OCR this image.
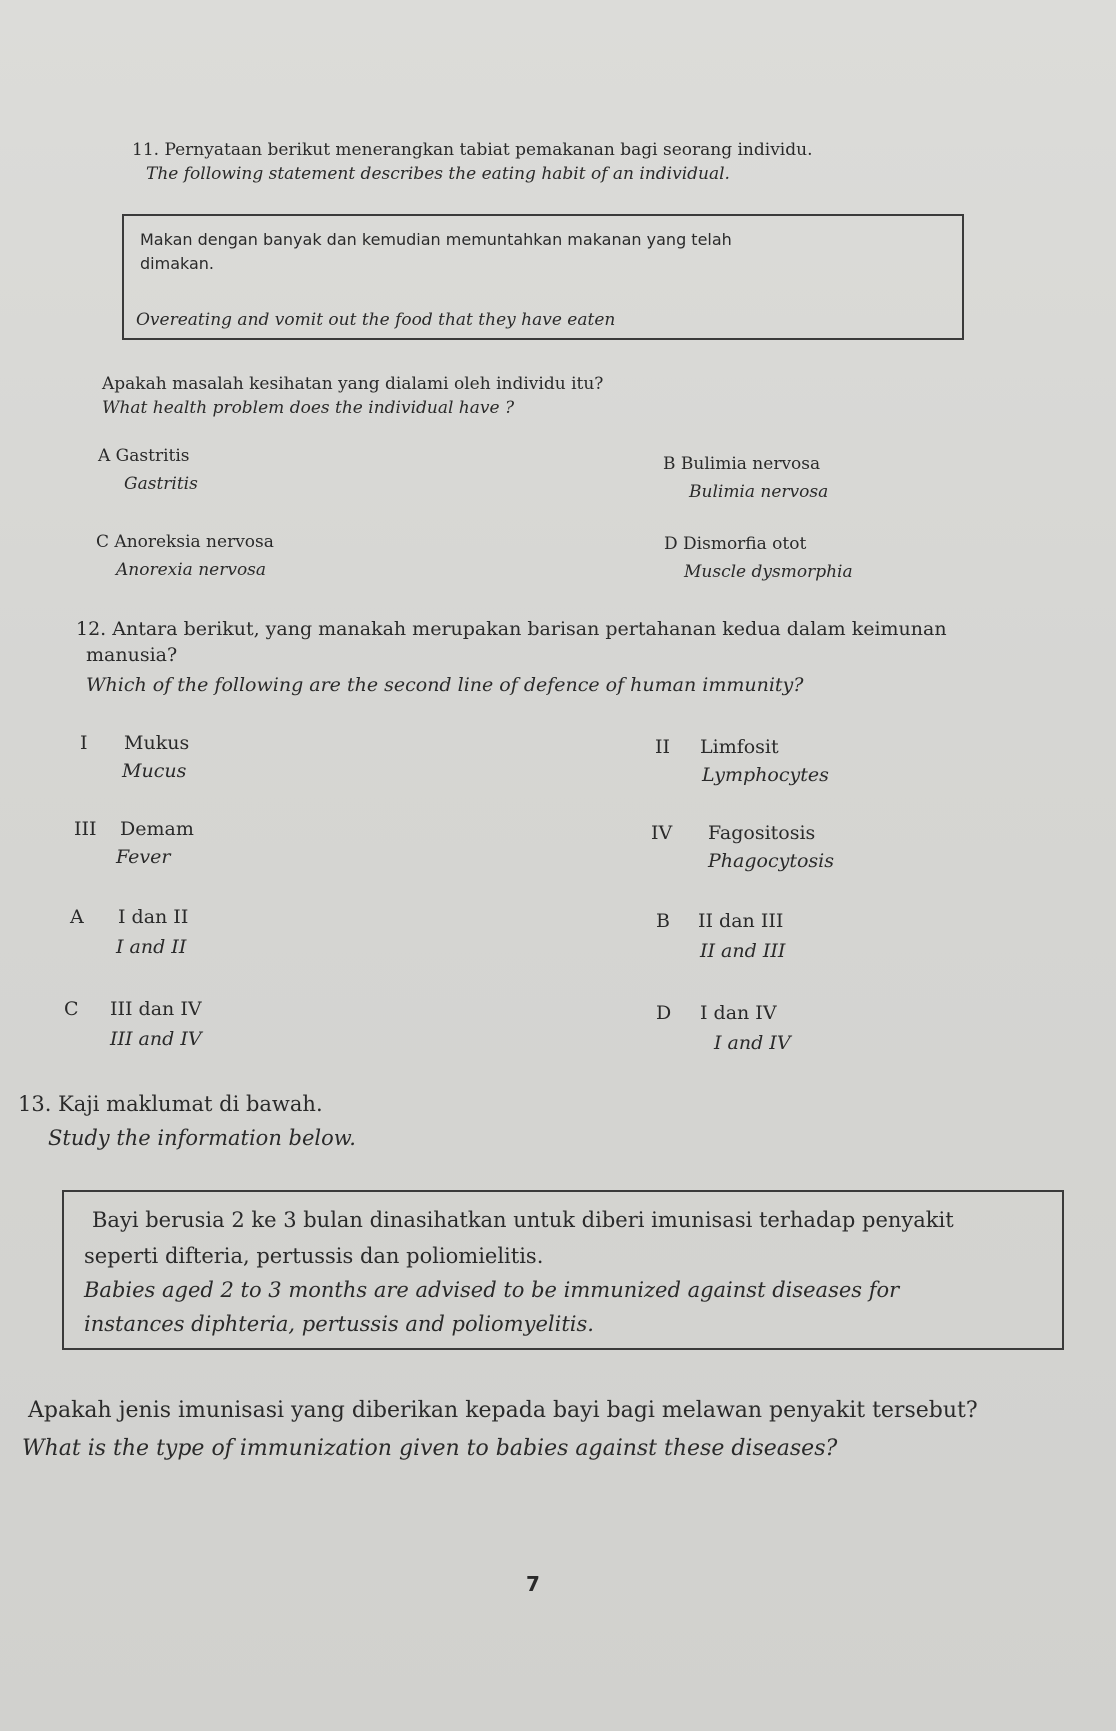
11. Pernyataan berikut menerangkan tabiat pemakanan bagi seorang individu.
The following statement describes the eating habit of an individual.
Makan dengan banyak dan kemudian memuntahkan makanan yang telah
dimakan.
Overeating and vomit out the food that they have eaten
Apakah masalah kesihatan yang dialami oleh individu itu?
What health problem does the individual have ?
A Gastritis
Gastritis
B Bulimia nervosa
Bulimia nervosa
C Anoreksia nervosa
Anorexia nervosa
D Dismorfia otot
Muscle dysmorphia
12. Antara berikut, yang manakah merupakan barisan pertahanan kedua dalam keimunan
manusia?
Which of the following are the second line of defence of human immunity?
I Mukus
Mucus
II Limfosit
Lymphocytes
III Demam
Fever
IV Fagositosis
Phagocytosis
A I dan II
I and II
B II dan III
II and III
C III dan IV
III and IV
D I dan IV
I and IV
13. Kaji maklumat di bawah.
Study the information below.
Bayi berusia 2 ke 3 bulan dinasihatkan untuk diberi imunisasi terhadap penyakit
seperti difteria, pertussis dan poliomielitis.
Babies aged 2 to 3 months are advised to be immunized against diseases for
instances diphteria, pertussis and poliomyelitis.
Apakah jenis imunisasi yang diberikan kepada bayi bagi melawan penyakit tersebut?
What is the type of immunization given to babies against these diseases?
7
